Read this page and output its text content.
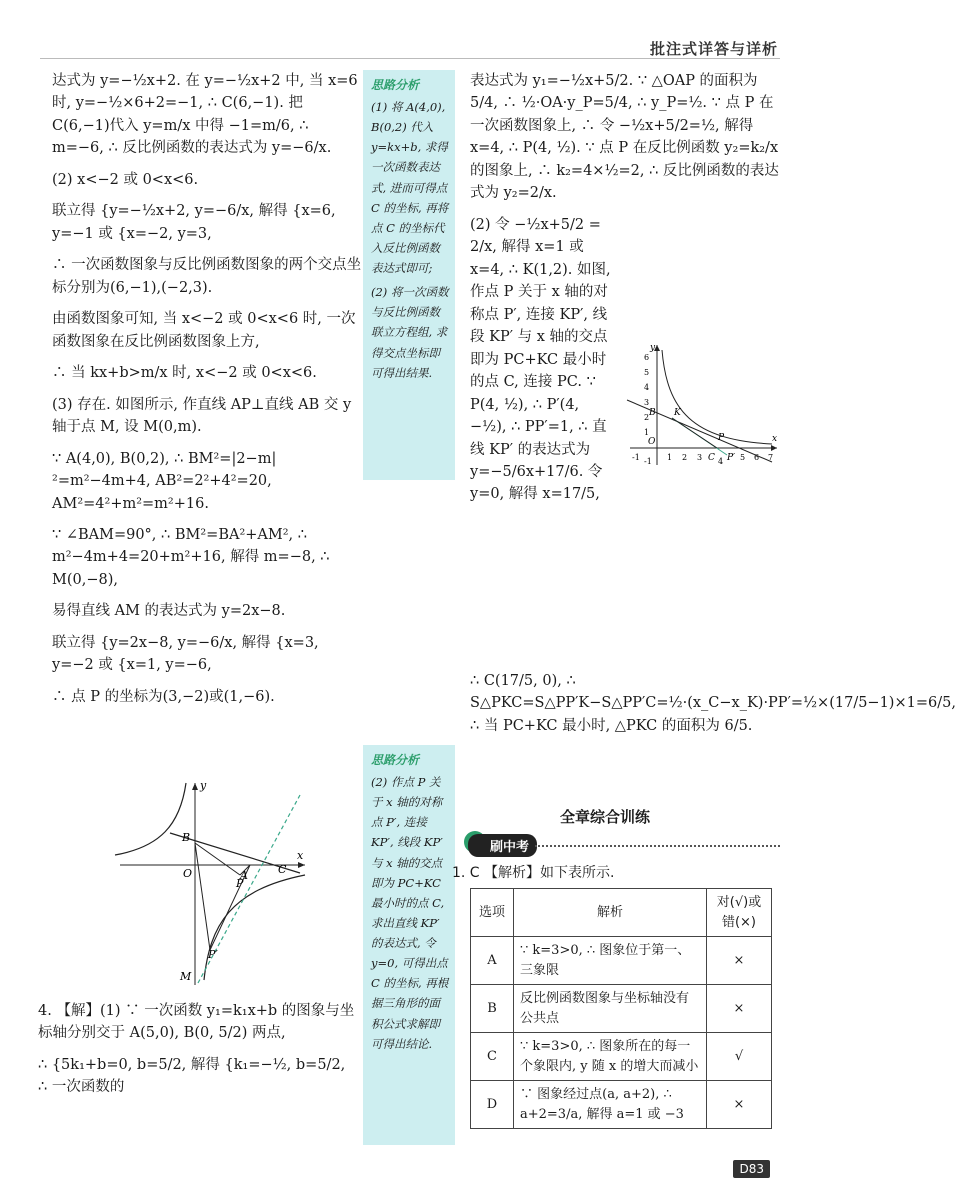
批注式详答与详析

达式为 y=−½x+2. 在 y=−½x+2 中, 当 x=6 时, y=−½×6+2=−1, ∴ C(6,−1). 把 C(6,−1)代入 y=m/x 中得 −1=m/6, ∴ m=−6, ∴ 反比例函数的表达式为 y=−6/x.

(2) x<−2 或 0<x<6.

联立得 {y=−½x+2, y=−6/x, 解得 {x=6, y=−1 或 {x=−2, y=3,

∴ 一次函数图象与反比例函数图象的两个交点坐标分别为(6,−1),(−2,3).

由函数图象可知, 当 x<−2 或 0<x<6 时, 一次函数图象在反比例函数图象上方,

∴ 当 kx+b>m/x 时, x<−2 或 0<x<6.

(3) 存在. 如图所示, 作直线 AP⊥直线 AB 交 y 轴于点 M, 设 M(0,m).

∵ A(4,0), B(0,2), ∴ BM²=|2−m|²=m²−4m+4, AB²=2²+4²=20, AM²=4²+m²=m²+16.

∵ ∠BAM=90°, ∴ BM²=BA²+AM², ∴ m²−4m+4=20+m²+16, 解得 m=−8, ∴ M(0,−8),

易得直线 AM 的表达式为 y=2x−8.

联立得 {y=2x−8, y=−6/x, 解得 {x=3, y=−2 或 {x=1, y=−6,

∴ 点 P 的坐标为(3,−2)或(1,−6).

y
x
B
O	A	C
P
P′
M

4. 【解】(1) ∵ 一次函数 y₁=k₁x+b 的图象与坐标轴分别交于 A(5,0), B(0, 5/2) 两点,

∴ {5k₁+b=0, b=5/2, 解得 {k₁=−½, b=5/2, ∴ 一次函数的

思路分析

(1) 将 A(4,0), B(0,2) 代入 y=kx+b, 求得一次函数表达式, 进而可得点 C 的坐标, 再将点 C 的坐标代入反比例函数表达式即可;

(2) 将一次函数与反比例函数联立方程组, 求得交点坐标即可得出结果.

思路分析

(2) 作点 P 关于 x 轴的对称点 P′, 连接 KP′, 线段 KP′ 与 x 轴的交点即为 PC+KC 最小时的点 C, 求出直线 KP′ 的表达式, 令 y=0, 可得出点 C 的坐标, 再根据三角形的面积公式求解即可得出结论.

表达式为 y₁=−½x+5/2. ∵ △OAP 的面积为 5/4, ∴ ½·OA·y_P=5/4, ∴ y_P=½. ∵ 点 P 在一次函数图象上, ∴ 令 −½x+5/2=½, 解得 x=4, ∴ P(4, ½). ∵ 点 P 在反比例函数 y₂=k₂/x 的图象上, ∴ k₂=4×½=2, ∴ 反比例函数的表达式为 y₂=2/x.

(2) 令 −½x+5/2 = 2/x, 解得 x=1 或 x=4, ∴ K(1,2). 如图, 作点 P 关于 x 轴的对称点 P′, 连接 KP′, 线段 KP′ 与 x 轴的交点即为 PC+KC 最小时的点 C, 连接 PC. ∵ P(4, ½), ∴ P′(4, −½), ∴ PP′=1, ∴ 直线 KP′ 的表达式为 y=−5/6x+17/6. 令 y=0, 解得 x=17/5,

∴ C(17/5, 0), ∴ S△PKC=S△PP′K−S△PP′C=½·(x_C−x_K)·PP′=½×(17/5−1)×1=6/5, ∴ 当 PC+KC 最小时, △PKC 的面积为 6/5.

y
x
B K
O	P
C P′
6
5
4
3
2
1
-1
-1	1 2 3 4 5 6 7
全章综合训练
刷中考
1. C 【解析】如下表所示.
选项	解析	对(√)或错(×)
A	∵ k=3>0, ∴ 图象位于第一、三象限	×
B	反比例函数图象与坐标轴没有公共点	×
C	∵ k=3>0, ∴ 图象所在的每一个象限内, y 随 x 的增大而减小	√
D	∵ 图象经过点(a, a+2), ∴ a+2=3/a, 解得 a=1 或 −3	×
D83
